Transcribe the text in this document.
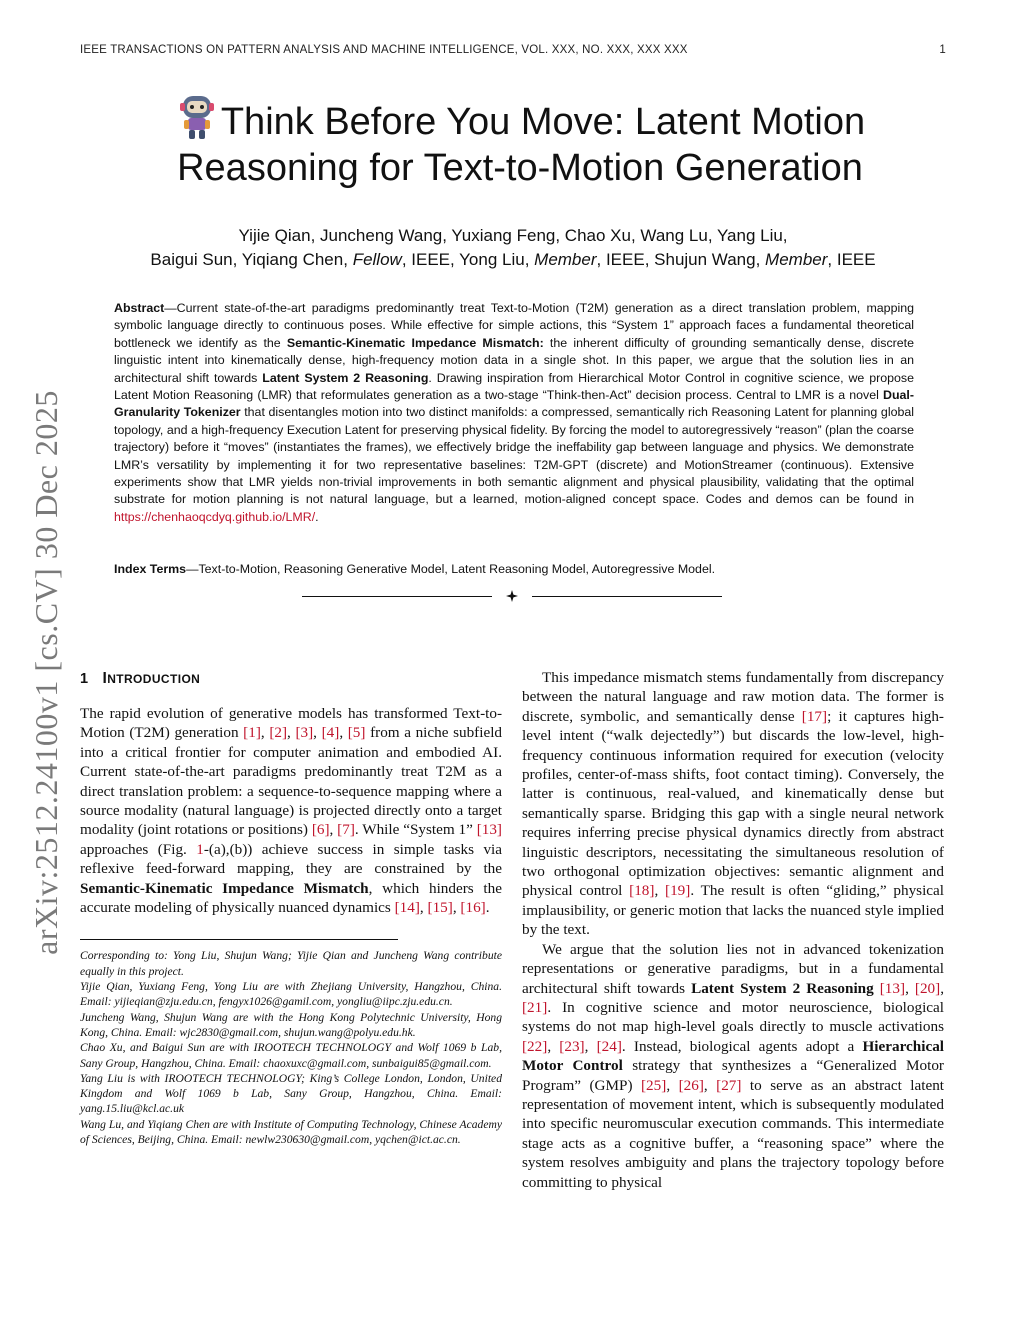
IEEE TRANSACTIONS ON PATTERN ANALYSIS AND MACHINE INTELLIGENCE, VOL. XXX, NO. XXX, XXX XXX	1
arXiv:2512.24100v1 [cs.CV] 30 Dec 2025
Think Before You Move: Latent Motion
Reasoning for Text-to-Motion Generation
Yijie Qian, Juncheng Wang, Yuxiang Feng, Chao Xu, Wang Lu, Yang Liu,
Baigui Sun, Yiqiang Chen, Fellow, IEEE, Yong Liu, Member, IEEE, Shujun Wang, Member, IEEE
Abstract—Current state-of-the-art paradigms predominantly treat Text-to-Motion (T2M) generation as a direct translation problem, mapping symbolic language directly to continuous poses. While effective for simple actions, this “System 1” approach faces a fundamental theoretical bottleneck we identify as the Semantic-Kinematic Impedance Mismatch: the inherent difficulty of grounding semantically dense, discrete linguistic intent into kinematically dense, high-frequency motion data in a single shot. In this paper, we argue that the solution lies in an architectural shift towards Latent System 2 Reasoning. Drawing inspiration from Hierarchical Motor Control in cognitive science, we propose Latent Motion Reasoning (LMR) that reformulates generation as a two-stage “Think-then-Act” decision process. Central to LMR is a novel Dual-Granularity Tokenizer that disentangles motion into two distinct manifolds: a compressed, semantically rich Reasoning Latent for planning global topology, and a high-frequency Execution Latent for preserving physical fidelity. By forcing the model to autoregressively “reason” (plan the coarse trajectory) before it “moves” (instantiates the frames), we effectively bridge the ineffability gap between language and physics. We demonstrate LMR’s versatility by implementing it for two representative baselines: T2M-GPT (discrete) and MotionStreamer (continuous). Extensive experiments show that LMR yields non-trivial improvements in both semantic alignment and physical plausibility, validating that the optimal substrate for motion planning is not natural language, but a learned, motion-aligned concept space. Codes and demos can be found in https://chenhaoqcdyq.github.io/LMR/.
Index Terms—Text-to-Motion, Reasoning Generative Model, Latent Reasoning Model, Autoregressive Model.
1 INTRODUCTION

The rapid evolution of generative models has transformed Text-to-Motion (T2M) generation [1], [2], [3], [4], [5] from a niche subfield into a critical frontier for computer animation and embodied AI. Current state-of-the-art paradigms predominantly treat T2M as a direct translation problem: a sequence-to-sequence mapping where a source modality (natural language) is projected directly onto a target modality (joint rotations or positions) [6], [7]. While “System 1” [13] approaches (Fig. 1-(a),(b)) achieve success in simple tasks via reflexive feed-forward mapping, they are constrained by the Semantic-Kinematic Impedance Mismatch, which hinders the accurate modeling of physically nuanced dynamics [14], [15], [16].

Corresponding to: Yong Liu, Shujun Wang; Yijie Qian and Juncheng Wang contribute equally in this project.

Yijie Qian, Yuxiang Feng, Yong Liu are with Zhejiang University, Hangzhou, China. Email: yijieqian@zju.edu.cn, fengyx1026@gamil.com, yongliu@iipc.zju.edu.cn.

Juncheng Wang, Shujun Wang are with the Hong Kong Polytechnic University, Hong Kong, China. Email: wjc2830@gmail.com, shujun.wang@polyu.edu.hk.

Chao Xu, and Baigui Sun are with IROOTECH TECHNOLOGY and Wolf 1069 b Lab, Sany Group, Hangzhou, China. Email: chaoxuxc@gmail.com, sunbaigui85@gmail.com.

Yang Liu is with IROOTECH TECHNOLOGY; King’s College London, London, United Kingdom and Wolf 1069 b Lab, Sany Group, Hangzhou, China. Email: yang.15.liu@kcl.ac.uk

Wang Lu, and Yiqiang Chen are with Institute of Computing Technology, Chinese Academy of Sciences, Beijing, China. Email: newlw230630@gmail.com, yqchen@ict.ac.cn.

This impedance mismatch stems fundamentally from discrepancy between the natural language and raw motion data. The former is discrete, symbolic, and semantically dense [17]; it captures high-level intent (“walk dejectedly”) but discards the low-level, high-frequency continuous information required for execution (velocity profiles, center-of-mass shifts, foot contact timing). Conversely, the latter is continuous, real-valued, and kinematically dense but semantically sparse. Bridging this gap with a single neural network requires inferring precise physical dynamics directly from abstract linguistic descriptors, necessitating the simultaneous resolution of two orthogonal optimization objectives: semantic alignment and physical control [18], [19]. The result is often “gliding,” physical implausibility, or generic motion that lacks the nuanced style implied by the text.

We argue that the solution lies not in advanced tokenization representations or generative paradigms, but in a fundamental architectural shift towards Latent System 2 Reasoning [13], [20], [21]. In cognitive science and motor neuroscience, biological systems do not map high-level goals directly to muscle activations [22], [23], [24]. Instead, biological agents adopt a Hierarchical Motor Control strategy that synthesizes a “Generalized Motor Program” (GMP) [25], [26], [27] to serve as an abstract latent representation of movement intent, which is subsequently modulated into specific neuromuscular execution commands. This intermediate stage acts as a cognitive buffer, a “reasoning space” where the system resolves ambiguity and plans the trajectory topology before committing to physical
